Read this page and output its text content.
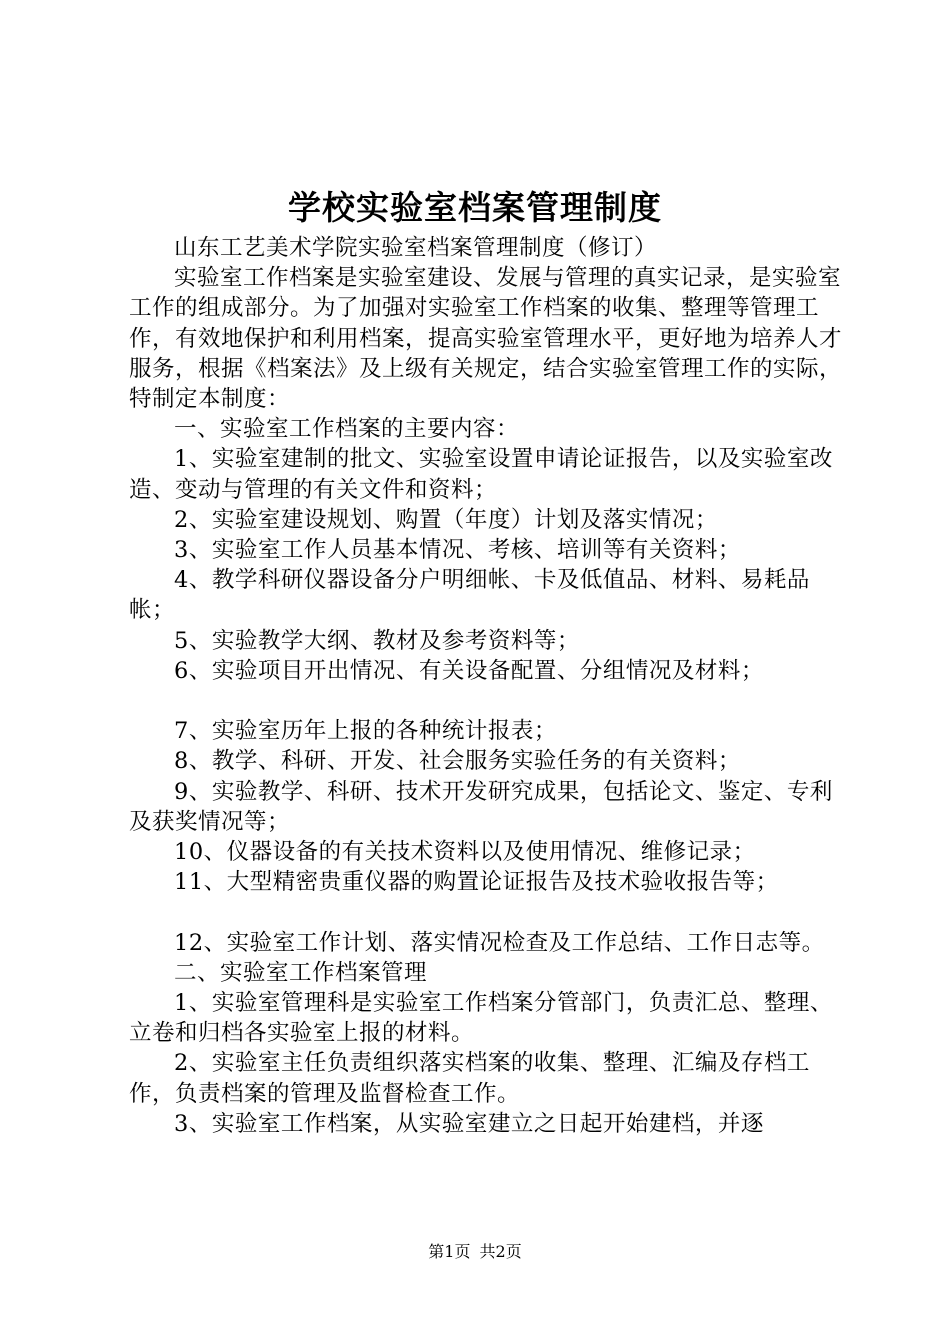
学校实验室档案管理制度

山东工艺美术学院实验室档案管理制度（修订）

实验室工作档案是实验室建设、发展与管理的真实记录，是实验室工作的组成部分。为了加强对实验室工作档案的收集、整理等管理工作，有效地保护和利用档案，提高实验室管理水平，更好地为培养人才服务，根据《档案法》及上级有关规定，结合实验室管理工作的实际，特制定本制度：

一、实验室工作档案的主要内容：

1、实验室建制的批文、实验室设置申请论证报告，以及实验室改造、变动与管理的有关文件和资料；

2、实验室建设规划、购置（年度）计划及落实情况；

3、实验室工作人员基本情况、考核、培训等有关资料；

4、教学科研仪器设备分户明细帐、卡及低值品、材料、易耗品帐；

5、实验教学大纲、教材及参考资料等；

6、实验项目开出情况、有关设备配置、分组情况及材料；

7、实验室历年上报的各种统计报表；

8、教学、科研、开发、社会服务实验任务的有关资料；

9、实验教学、科研、技术开发研究成果，包括论文、鉴定、专利及获奖情况等；

10、仪器设备的有关技术资料以及使用情况、维修记录；

11、大型精密贵重仪器的购置论证报告及技术验收报告等；

12、实验室工作计划、落实情况检查及工作总结、工作日志等。

二、实验室工作档案管理

1、实验室管理科是实验室工作档案分管部门，负责汇总、整理、立卷和归档各实验室上报的材料。

2、实验室主任负责组织落实档案的收集、整理、汇编及存档工作，负责档案的管理及监督检查工作。

3、实验室工作档案，从实验室建立之日起开始建档，并逐

第1页 共2页
